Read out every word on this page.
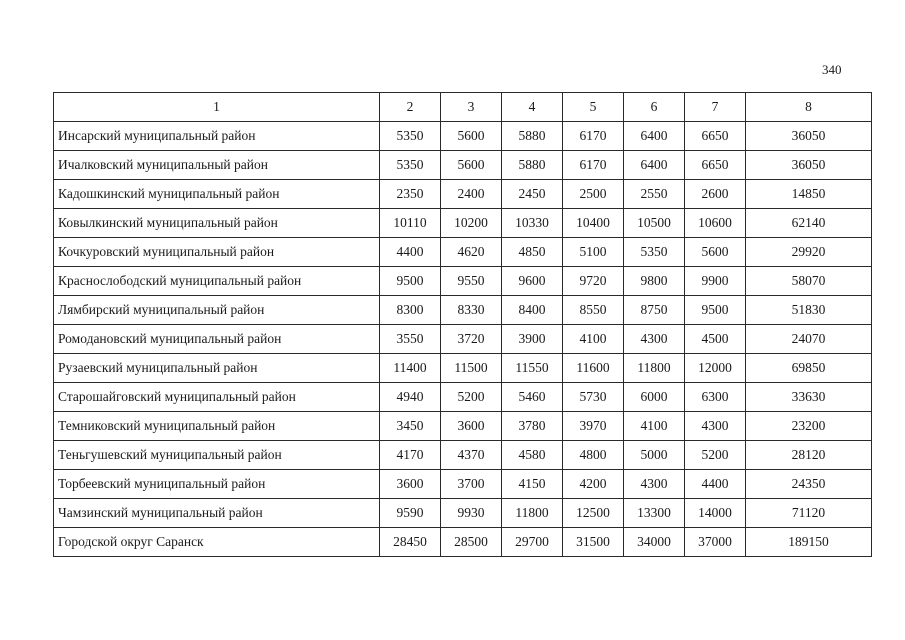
340
1	2	3	4	5	6	7	8
Инсарский муниципальный район	5350	5600	5880	6170	6400	6650	36050
Ичалковский муниципальный район	5350	5600	5880	6170	6400	6650	36050
Кадошкинский муниципальный район	2350	2400	2450	2500	2550	2600	14850
Ковылкинский муниципальный район	10110	10200	10330	10400	10500	10600	62140
Кочкуровский муниципальный район	4400	4620	4850	5100	5350	5600	29920
Краснослободский муниципальный район	9500	9550	9600	9720	9800	9900	58070
Лямбирский муниципальный район	8300	8330	8400	8550	8750	9500	51830
Ромодановский муниципальный район	3550	3720	3900	4100	4300	4500	24070
Рузаевский муниципальный район	11400	11500	11550	11600	11800	12000	69850
Старошайговский муниципальный район	4940	5200	5460	5730	6000	6300	33630
Темниковский муниципальный район	3450	3600	3780	3970	4100	4300	23200
Теньгушевский муниципальный район	4170	4370	4580	4800	5000	5200	28120
Торбеевский муниципальный район	3600	3700	4150	4200	4300	4400	24350
Чамзинский муниципальный район	9590	9930	11800	12500	13300	14000	71120
Городской округ Саранск	28450	28500	29700	31500	34000	37000	189150
